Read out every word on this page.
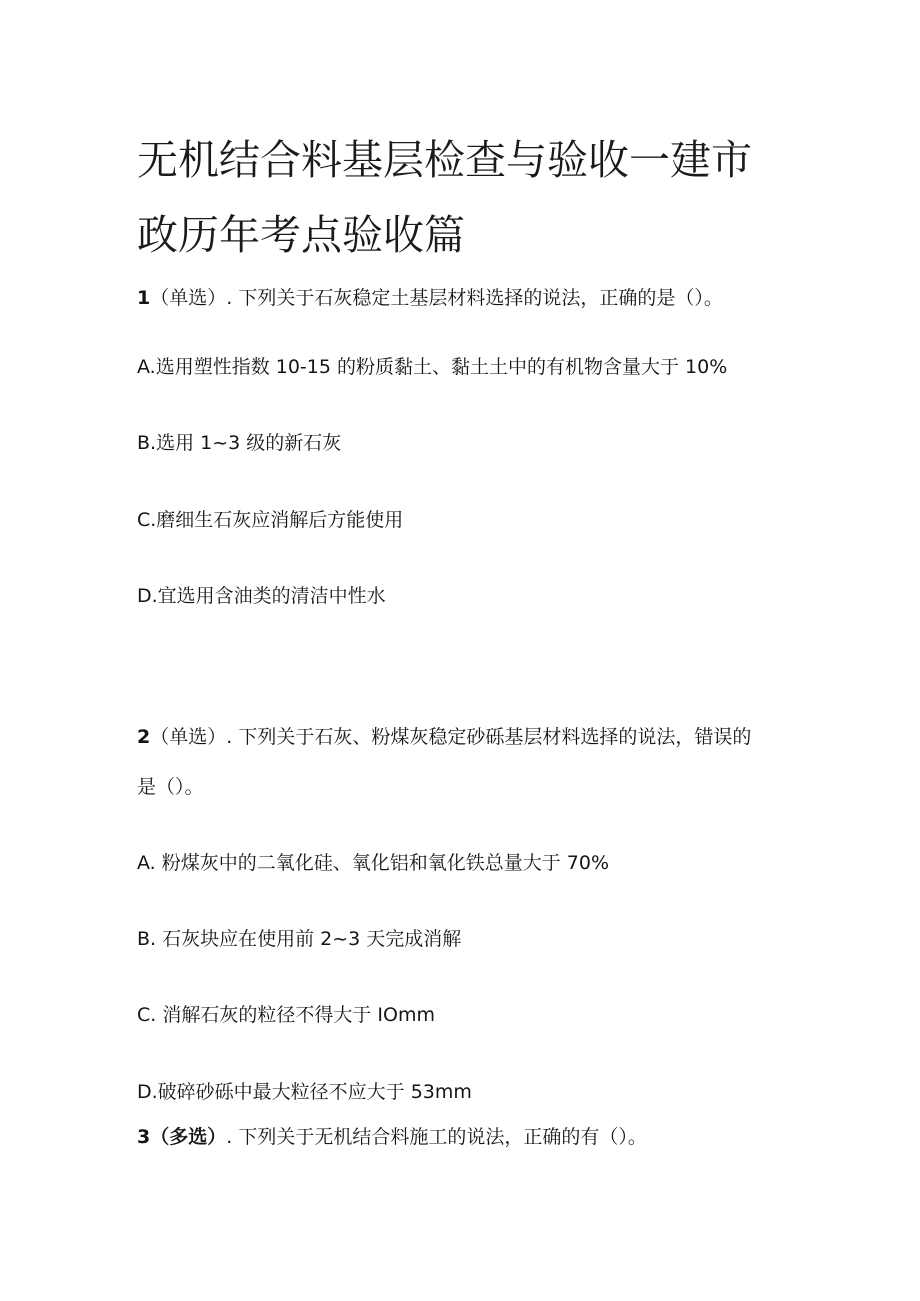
无机结合料基层检查与验收一建市
政历年考点验收篇
1（单选）. 下列关于石灰稳定土基层材料选择的说法，正确的是（）。
A.选用塑性指数 10-15 的粉质黏土、黏土土中的有机物含量大于 10%
B.选用 1~3 级的新石灰
C.磨细生石灰应消解后方能使用
D.宜选用含油类的清洁中性水
2（单选）. 下列关于石灰、粉煤灰稳定砂砾基层材料选择的说法，错误的
是（）。
A. 粉煤灰中的二氧化硅、氧化铝和氧化铁总量大于 70%
B. 石灰块应在使用前 2~3 天完成消解
C. 消解石灰的粒径不得大于 IOmm
D.破碎砂砾中最大粒径不应大于 53mm
3（多选）. 下列关于无机结合料施工的说法，正确的有（）。
